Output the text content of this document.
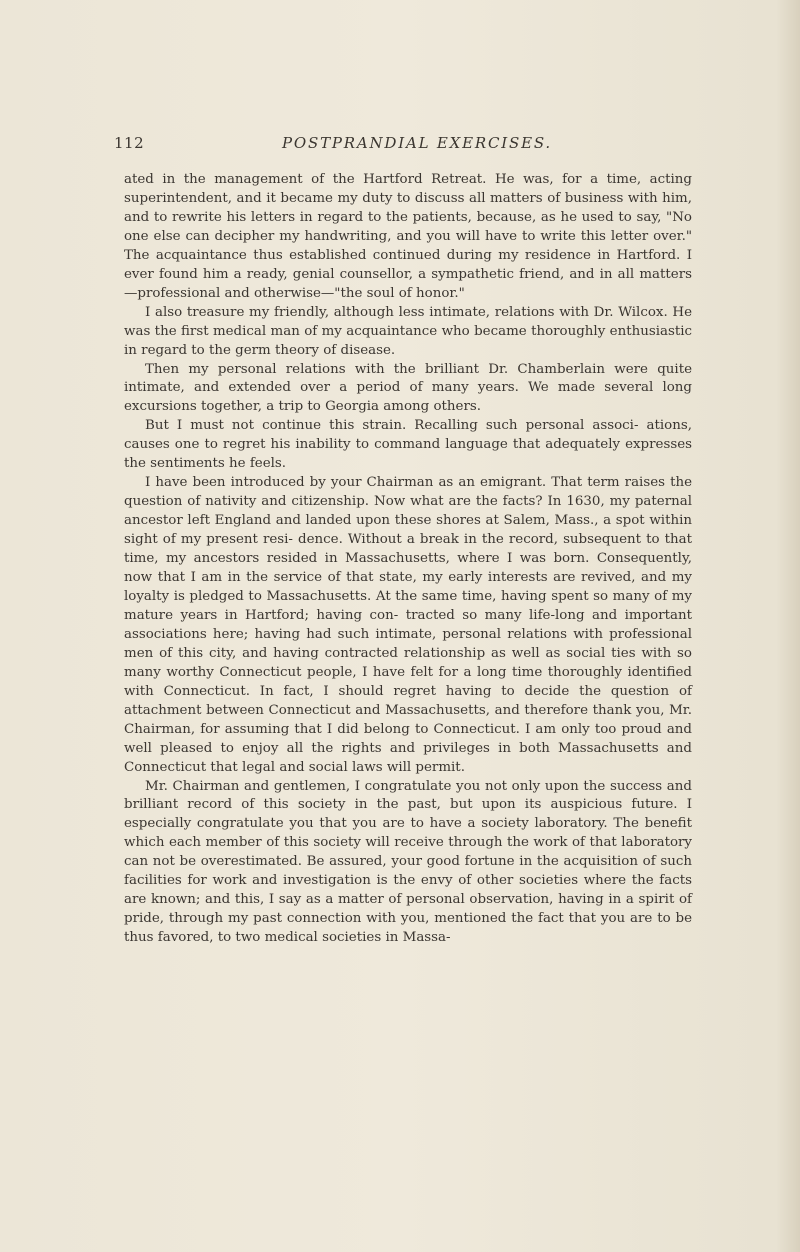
112	POSTPRANDIAL EXERCISES.

ated in the management of the Hartford Retreat. He was, for a time, acting superintendent, and it became my duty to discuss all matters of business with him, and to rewrite his letters in regard to the patients, because, as he used to say, "No one else can decipher my handwriting, and you will have to write this letter over." The acquaintance thus established continued during my residence in Hartford. I ever found him a ready, genial counsellor, a sympathetic friend, and in all matters —professional and otherwise—"the soul of honor."

I also treasure my friendly, although less intimate, relations with Dr. Wilcox. He was the first medical man of my acquaintance who became thoroughly enthusiastic in regard to the germ theory of disease.

Then my personal relations with the brilliant Dr. Chamberlain were quite intimate, and extended over a period of many years. We made several long excursions together, a trip to Georgia among others.

But I must not continue this strain. Recalling such personal associ- ations, causes one to regret his inability to command language that adequately expresses the sentiments he feels.

I have been introduced by your Chairman as an emigrant. That term raises the question of nativity and citizenship. Now what are the facts? In 1630, my paternal ancestor left England and landed upon these shores at Salem, Mass., a spot within sight of my present resi- dence. Without a break in the record, subsequent to that time, my ancestors resided in Massachusetts, where I was born. Consequently, now that I am in the service of that state, my early interests are revived, and my loyalty is pledged to Massachusetts. At the same time, having spent so many of my mature years in Hartford; having con- tracted so many life-long and important associations here; having had such intimate, personal relations with professional men of this city, and having contracted relationship as well as social ties with so many worthy Connecticut people, I have felt for a long time thoroughly identified with Connecticut. In fact, I should regret having to decide the question of attachment between Connecticut and Massachusetts, and therefore thank you, Mr. Chairman, for assuming that I did belong to Connecticut. I am only too proud and well pleased to enjoy all the rights and privileges in both Massachusetts and Connecticut that legal and social laws will permit.

Mr. Chairman and gentlemen, I congratulate you not only upon the success and brilliant record of this society in the past, but upon its auspicious future. I especially congratulate you that you are to have a society laboratory. The benefit which each member of this society will receive through the work of that laboratory can not be overestimated. Be assured, your good fortune in the acquisition of such facilities for work and investigation is the envy of other societies where the facts are known; and this, I say as a matter of personal observation, having in a spirit of pride, through my past connection with you, mentioned the fact that you are to be thus favored, to two medical societies in Massa-
